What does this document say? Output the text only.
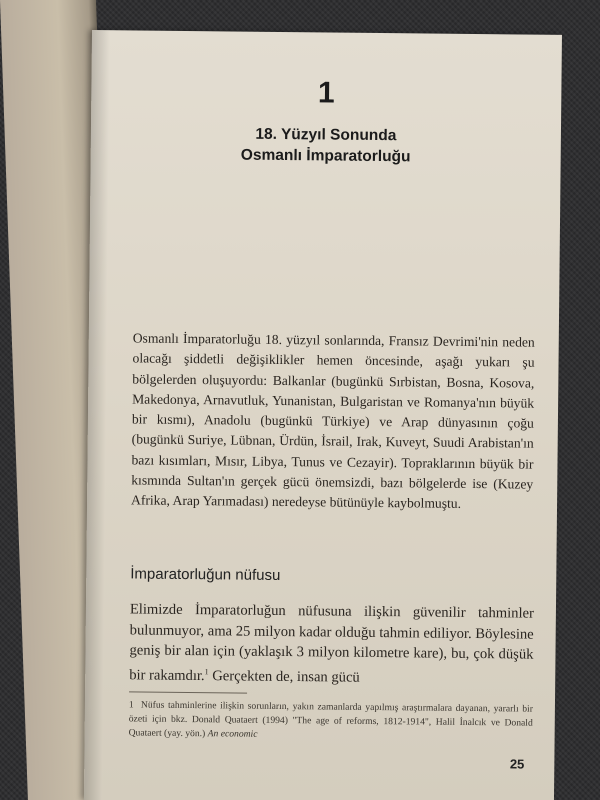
1
18. Yüzyıl Sonunda
Osmanlı İmparatorluğu

Osmanlı İmparatorluğu 18. yüzyıl sonlarında, Fransız Devrimi'nin neden olacağı şiddetli değişiklikler hemen öncesinde, aşağı yukarı şu bölgelerden oluşuyordu: Balkanlar (bugünkü Sırbistan, Bosna, Kosova, Makedonya, Arnavutluk, Yunanistan, Bulgaristan ve Romanya'nın büyük bir kısmı), Anadolu (bugünkü Türkiye) ve Arap dünyasının çoğu (bugünkü Suriye, Lübnan, Ürdün, İsrail, Irak, Kuveyt, Suudi Arabistan'ın bazı kısımları, Mısır, Libya, Tunus ve Cezayir). Topraklarının büyük bir kısmında Sultan'ın gerçek gücü önemsizdi, bazı bölgelerde ise (Kuzey Afrika, Arap Yarımadası) neredeyse bütünüyle kaybolmuştu.

İmparatorluğun nüfusu

Elimizde İmparatorluğun nüfusuna ilişkin güvenilir tahminler bulunmuyor, ama 25 milyon kadar olduğu tahmin ediliyor. Böylesine geniş bir alan için (yaklaşık 3 milyon kilometre kare), bu, çok düşük bir rakamdır.$^1$ Gerçekten de, insan gücü

1 Nüfus tahminlerine ilişkin sorunların, yakın zamanlarda yapılmış araştırmalara dayanan, yararlı bir özeti için bkz. Donald Quataert (1994) "The age of reforms, 1812-1914", Halil İnalcık ve Donald Quataert (yay. yön.) An economic

25
